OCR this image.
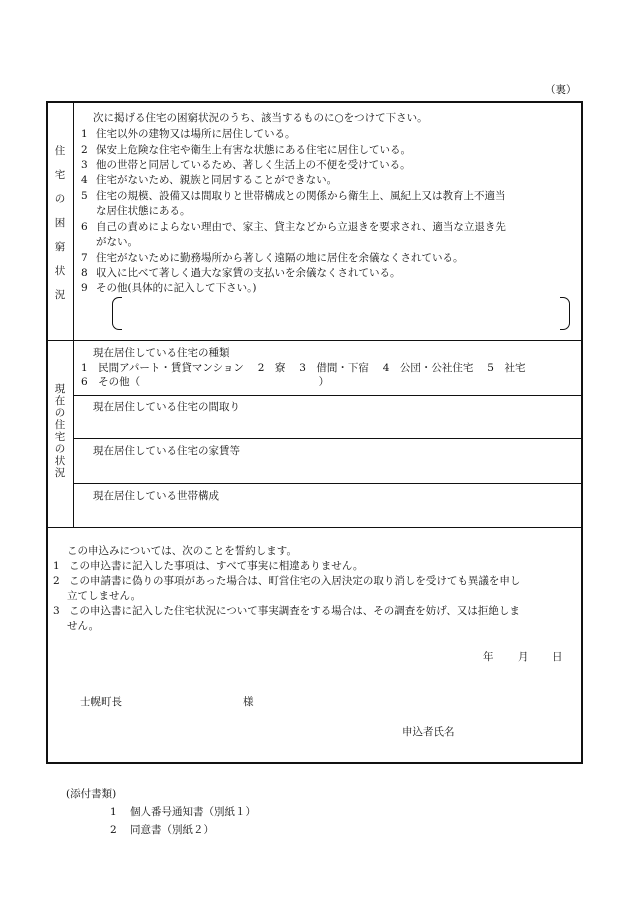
（裏）
住
宅
の
困
窮
状
況
次に掲げる住宅の困窮状況のうち、該当するものに○をつけて下さい。
1 住宅以外の建物又は場所に居住している。
2 保安上危険な住宅や衛生上有害な状態にある住宅に居住している。
3 他の世帯と同居しているため、著しく生活上の不便を受けている。
4 住宅がないため、親族と同居することができない。
5 住宅の規模、設備又は間取りと世帯構成との関係から衛生上、風紀上又は教育上不適当
な居住状態にある。
6 自己の責めによらない理由で、家主、貸主などから立退きを要求され、適当な立退き先
がない。
7 住宅がないために勤務場所から著しく遠隔の地に居住を余儀なくされている。
8 収入に比べて著しく過大な家賃の支払いを余儀なくされている。
9 その他(具体的に記入して下さい。)
現
在
の
住
宅
の
状
況
現在居住している住宅の種類
1　民間アパート・賃貸マンション　 2　寮　 3　借間・下宿　 4　公団・公社住宅　 5　社宅
6　その他（　　　　　　　　　　　　　　　　　）
現在居住している住宅の間取り
現在居住している住宅の家賃等
現在居住している世帯構成
この申込みについては、次のことを誓約します。
1 この申込書に記入した事項は、すべて事実に相違ありません。
2 この申請書に偽りの事項があった場合は、町営住宅の入居決定の取り消しを受けても異議を申し
立てしません。
3 この申込書に記入した住宅状況について事実調査をする場合は、その調査を妨げ、又は拒絶しま
せん。
年 月 日
士幌町長	様
申込者氏名
(添付書類)
1 個人番号通知書（別紙１）
2 同意書（別紙２）
